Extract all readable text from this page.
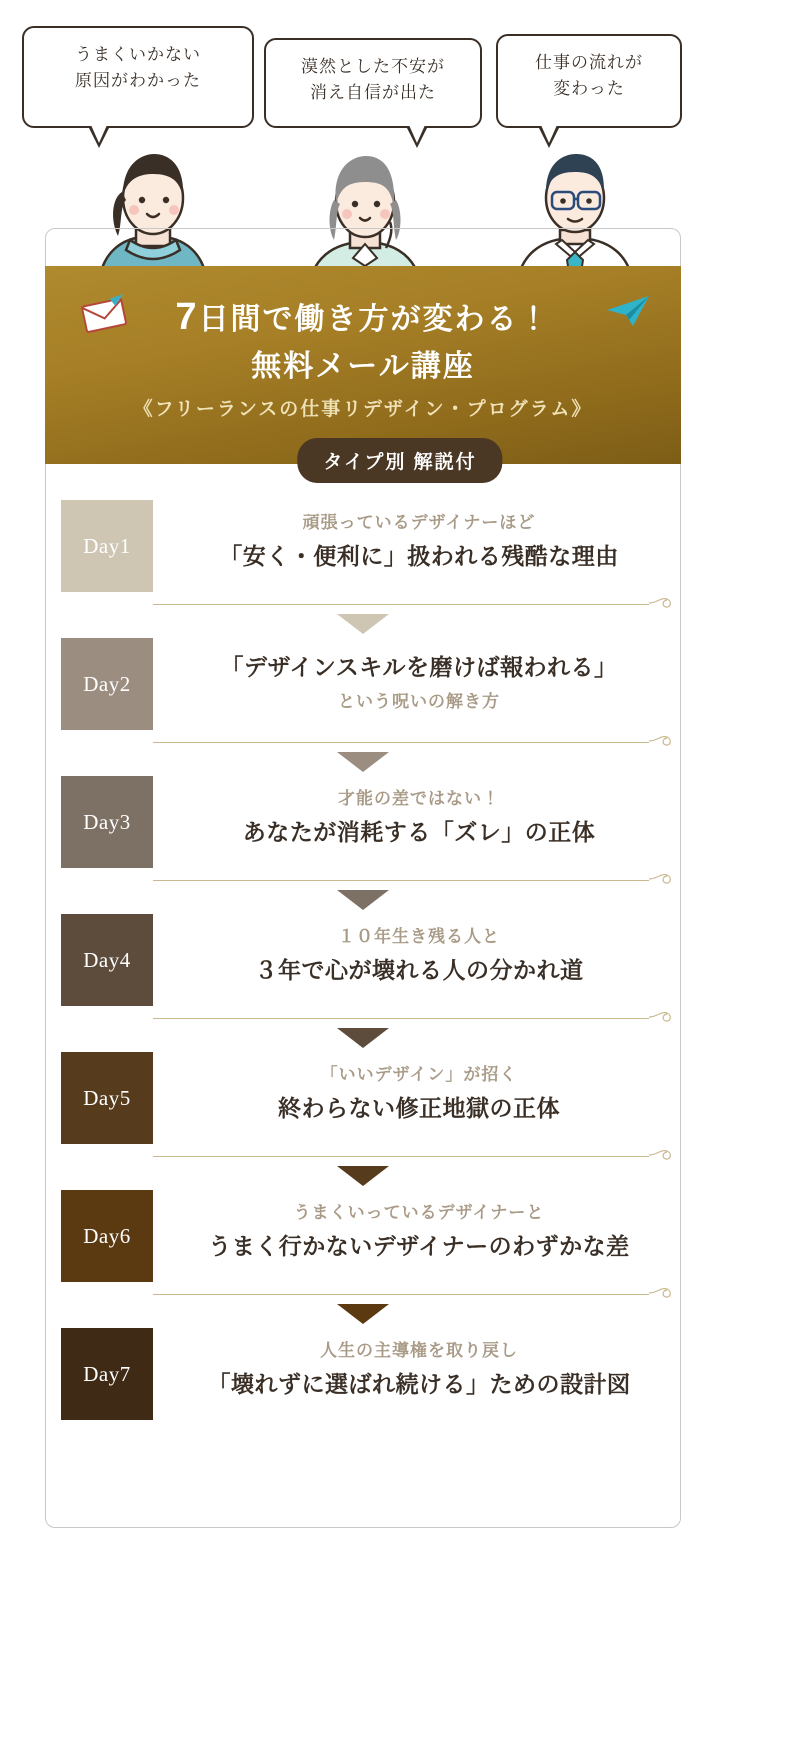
うまくいかない
原因がわかった
漠然とした不安が
消え自信が出た
仕事の流れが
変わった
7日間で働き方が変わる！
無料メール講座
《フリーランスの仕事リデザイン・プログラム》
タイプ別 解説付
Day1
頑張っているデザイナーほど
「安く・便利に」扱われる残酷な理由
Day2
「デザインスキルを磨けば報われる」
という呪いの解き方
Day3
才能の差ではない！
あなたが消耗する「ズレ」の正体
Day4
１０年生き残る人と
３年で心が壊れる人の分かれ道
Day5
「いいデザイン」が招く
終わらない修正地獄の正体
Day6
うまくいっているデザイナーと
うまく行かないデザイナーのわずかな差
Day7
人生の主導権を取り戻し
「壊れずに選ばれ続ける」ための設計図
